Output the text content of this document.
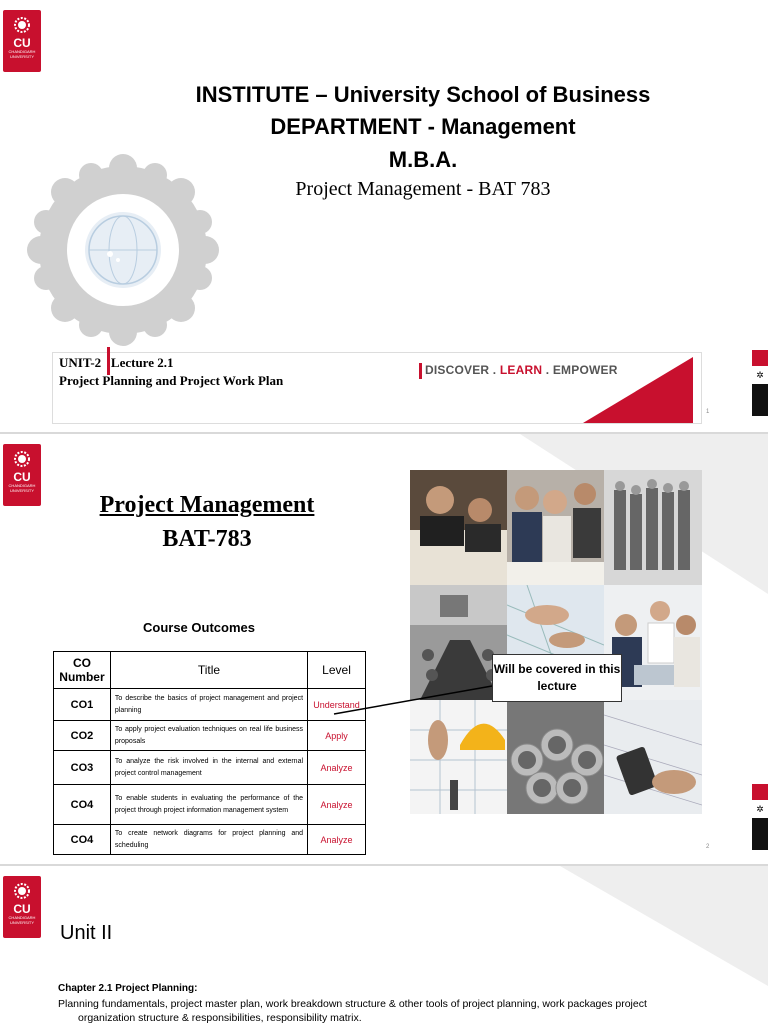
CU
CHANDIGARH
UNIVERSITY
INSTITUTE – University School of Business
DEPARTMENT - Management
M.B.A.
Project Management - BAT 783
UNIT-2 Lecture 2.1
Project Planning and Project Work Plan
DISCOVER . LEARN . EMPOWER
1
✲
CU
CHANDIGARH
UNIVERSITY
Project Management
BAT-783
Course Outcomes
CO Number	Title	Level
CO1	To describe the basics of project management and project planning	Understand
CO2	To apply project evaluation techniques on real life business proposals	Apply
CO3	To analyze the risk involved in the internal and external project control management	Analyze
CO4	To enable students in evaluating the performance of the project through project information management system	Analyze
CO4	To create network diagrams for project planning and scheduling	Analyze
Will be covered in this lecture
2
✲
CU
CHANDIGARH
UNIVERSITY Unit II
Chapter 2.1 Project Planning:
Planning fundamentals, project master plan, work breakdown structure & other tools of project planning, work packages project
organization structure & responsibilities, responsibility matrix.
